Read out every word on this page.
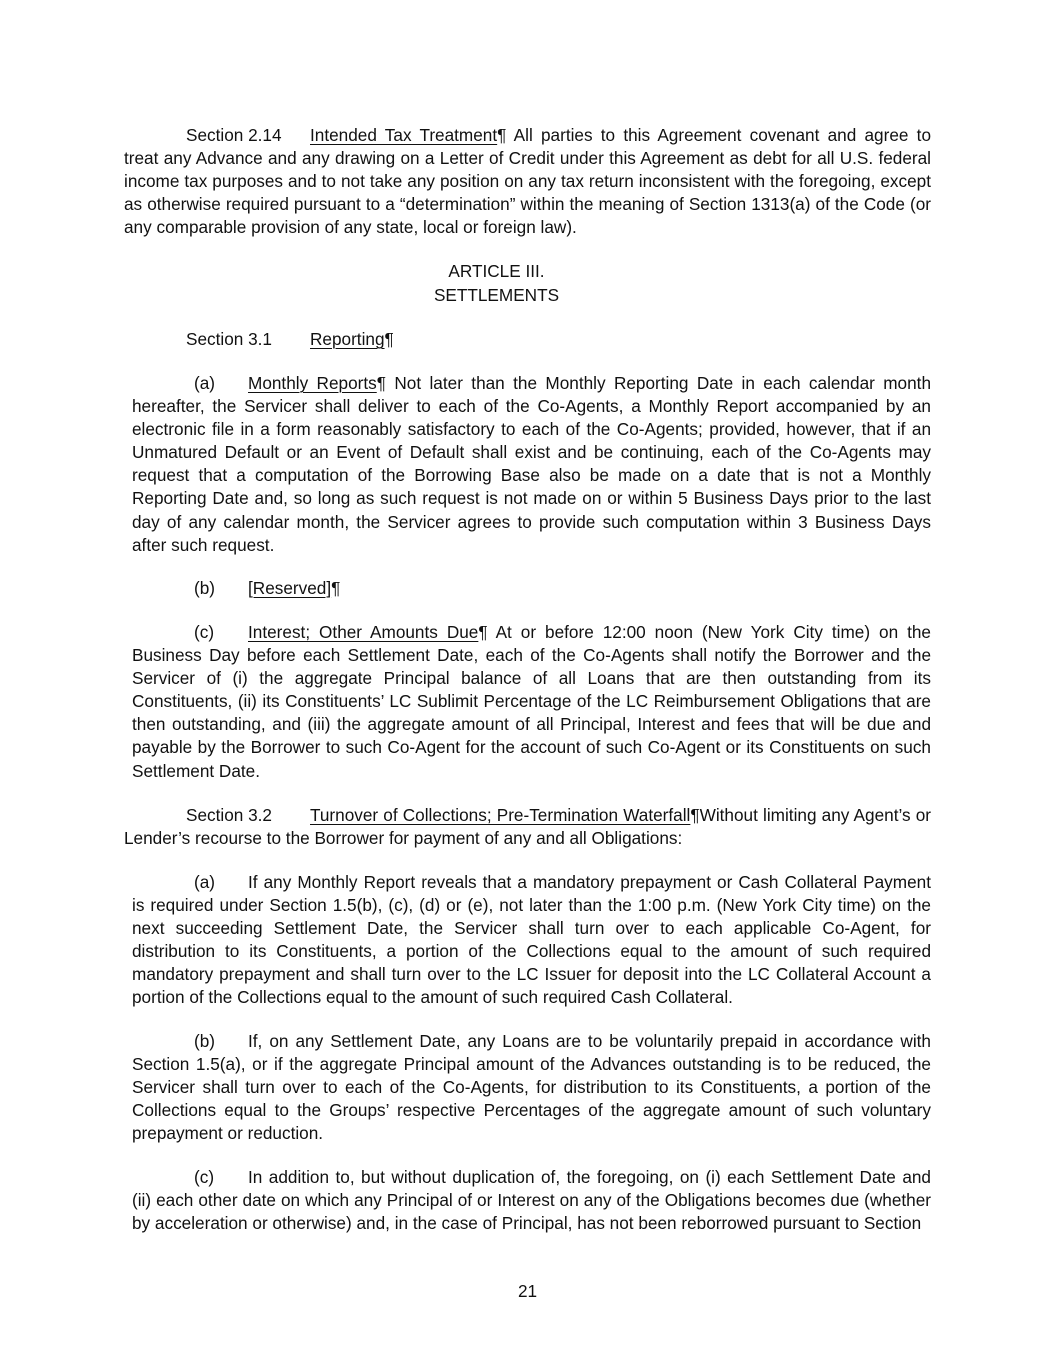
Section 2.14 Intended Tax Treatment¶ All parties to this Agreement covenant and agree to treat any Advance and any drawing on a Letter of Credit under this Agreement as debt for all U.S. federal income tax purposes and to not take any position on any tax return inconsistent with the foregoing, except as otherwise required pursuant to a “determination” within the meaning of Section 1313(a) of the Code (or any comparable provision of any state, local or foreign law).

ARTICLE III.
SETTLEMENTS
Section 3.1 Reporting¶

(a) Monthly Reports¶ Not later than the Monthly Reporting Date in each calendar month hereafter, the Servicer shall deliver to each of the Co-Agents, a Monthly Report accompanied by an electronic file in a form reasonably satisfactory to each of the Co-Agents; provided, however, that if an Unmatured Default or an Event of Default shall exist and be continuing, each of the Co-Agents may request that a computation of the Borrowing Base also be made on a date that is not a Monthly Reporting Date and, so long as such request is not made on or within 5 Business Days prior to the last day of any calendar month, the Servicer agrees to provide such computation within 3 Business Days after such request.

(b) [Reserved]¶

(c) Interest; Other Amounts Due¶ At or before 12:00 noon (New York City time) on the Business Day before each Settlement Date, each of the Co-Agents shall notify the Borrower and the Servicer of (i) the aggregate Principal balance of all Loans that are then outstanding from its Constituents, (ii) its Constituents’ LC Sublimit Percentage of the LC Reimbursement Obligations that are then outstanding, and (iii) the aggregate amount of all Principal, Interest and fees that will be due and payable by the Borrower to such Co-Agent for the account of such Co-Agent or its Constituents on such Settlement Date.

Section 3.2 Turnover of Collections; Pre-Termination Waterfall¶Without limiting any Agent’s or Lender’s recourse to the Borrower for payment of any and all Obligations:

(a) If any Monthly Report reveals that a mandatory prepayment or Cash Collateral Payment is required under Section 1.5(b), (c), (d) or (e), not later than the 1:00 p.m. (New York City time) on the next succeeding Settlement Date, the Servicer shall turn over to each applicable Co-Agent, for distribution to its Constituents, a portion of the Collections equal to the amount of such required mandatory prepayment and shall turn over to the LC Issuer for deposit into the LC Collateral Account a portion of the Collections equal to the amount of such required Cash Collateral.

(b) If, on any Settlement Date, any Loans are to be voluntarily prepaid in accordance with Section 1.5(a), or if the aggregate Principal amount of the Advances outstanding is to be reduced, the Servicer shall turn over to each of the Co-Agents, for distribution to its Constituents, a portion of the Collections equal to the Groups’ respective Percentages of the aggregate amount of such voluntary prepayment or reduction.

(c) In addition to, but without duplication of, the foregoing, on (i) each Settlement Date and (ii) each other date on which any Principal of or Interest on any of the Obligations becomes due (whether by acceleration or otherwise) and, in the case of Principal, has not been reborrowed pursuant to Section

21
